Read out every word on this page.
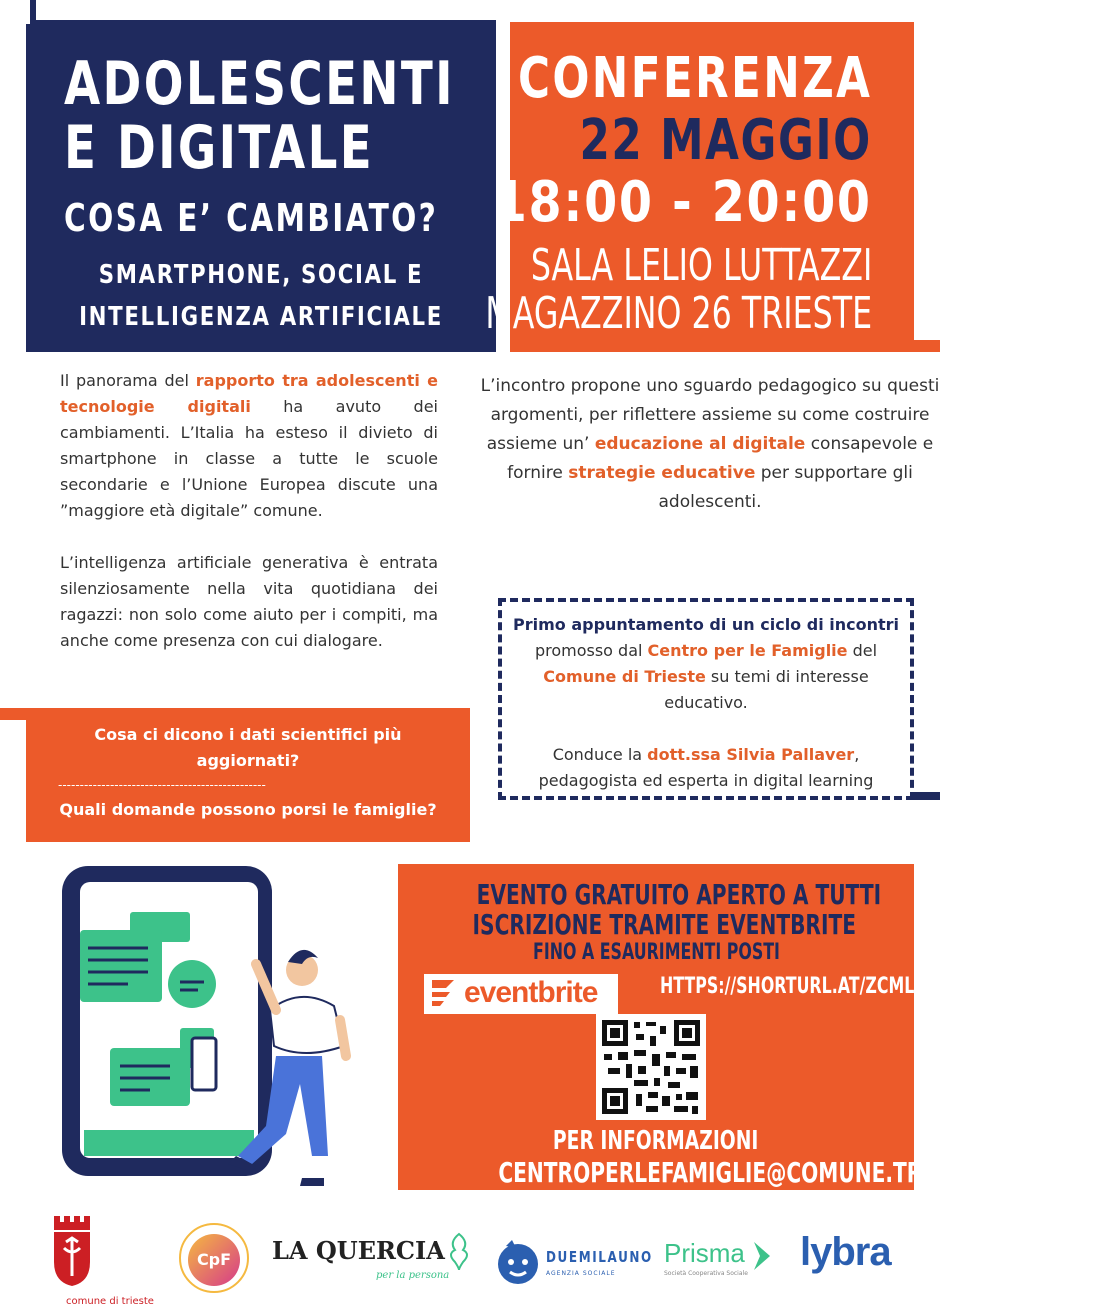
ADOLESCENTI
E DIGITALE
COSA E’ CAMBIATO?
SMARTPHONE, SOCIAL E
INTELLIGENZA ARTIFICIALE
CONFERENZA
22 MAGGIO
18:00 - 20:00
SALA LELIO LUTTAZZI
MAGAZZINO 26 TRIESTE
Il panorama del rapporto tra adolescenti e tecnologie digitali ha avuto dei cambiamenti. L’Italia ha esteso il divieto di smartphone in classe a tutte le scuole secondarie e l’Unione Europea discute una ”maggiore età digitale” comune.
L’intelligenza artificiale generativa è entrata silenziosamente nella vita quotidiana dei ragazzi: non solo come aiuto per i compiti, ma anche come presenza con cui dialogare.
L’incontro propone uno sguardo pedagogico su questi argomenti, per riflettere assieme su come costruire assieme un’ educazione al digitale consapevole e fornire strategie educative per supportare gli adolescenti.
Cosa ci dicono i dati scientifici più aggiornati?
------------------------------------------------
Quali domande possono porsi le famiglie?
Primo appuntamento di un ciclo di incontri promosso dal Centro per le Famiglie del Comune di Trieste su temi di interesse educativo.
Conduce la dott.ssa Silvia Pallaver,
pedagogista ed esperta in digital learning
EVENTO GRATUITO APERTO A TUTTI
ISCRIZIONE TRAMITE EVENTBRITE
FINO A ESAURIMENTI POSTI
eventbrite	HTTPS://SHORTURL.AT/ZCMLB
PER INFORMAZIONI
CENTROPERLEFAMIGLIE@COMUNE.TRIESTE.IT
comune di trieste
CpF	LA QUERCIA
per la persona
DUEMILAUNO
AGENZIA SOCIALE
Prisma
Società Cooperativa Sociale lybra
